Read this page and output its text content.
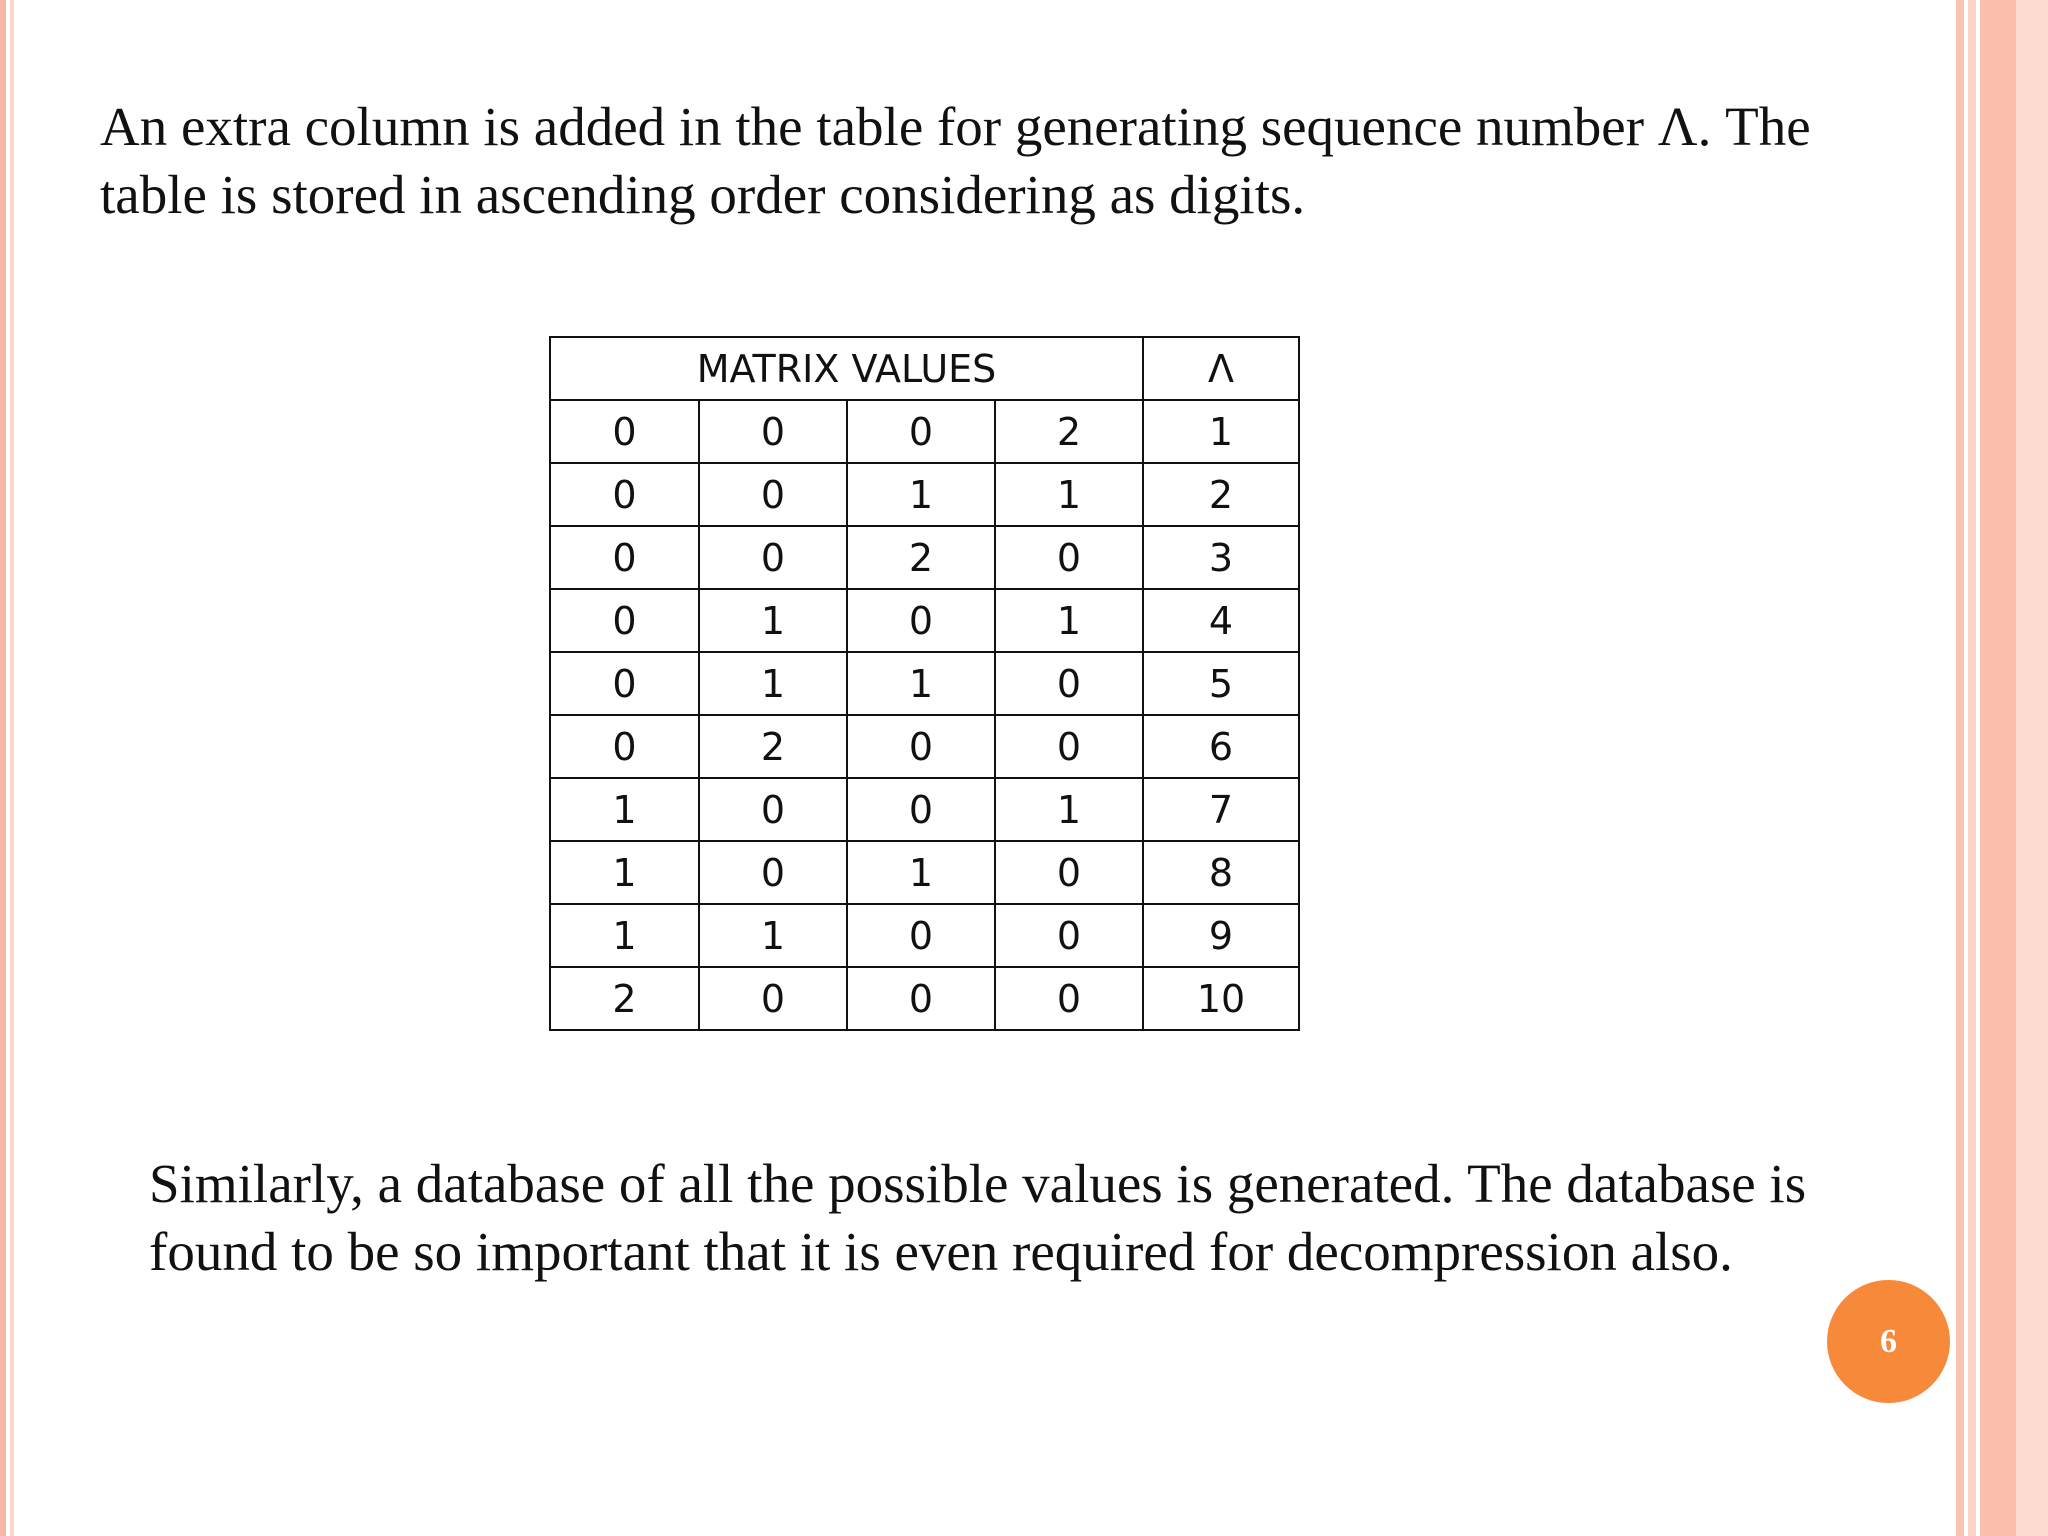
An extra column is added in the table for generating sequence number Λ. The table is stored in ascending order considering as digits.
MATRIX VALUES				Λ
0	0	0	2	1
0	0	1	1	2
0	0	2	0	3
0	1	0	1	4
0	1	1	0	5
0	2	0	0	6
1	0	0	1	7
1	0	1	0	8
1	1	0	0	9
2	0	0	0	10
Similarly, a database of all the possible values is generated. The database is found to be so important that it is even required for decompression also.
6
